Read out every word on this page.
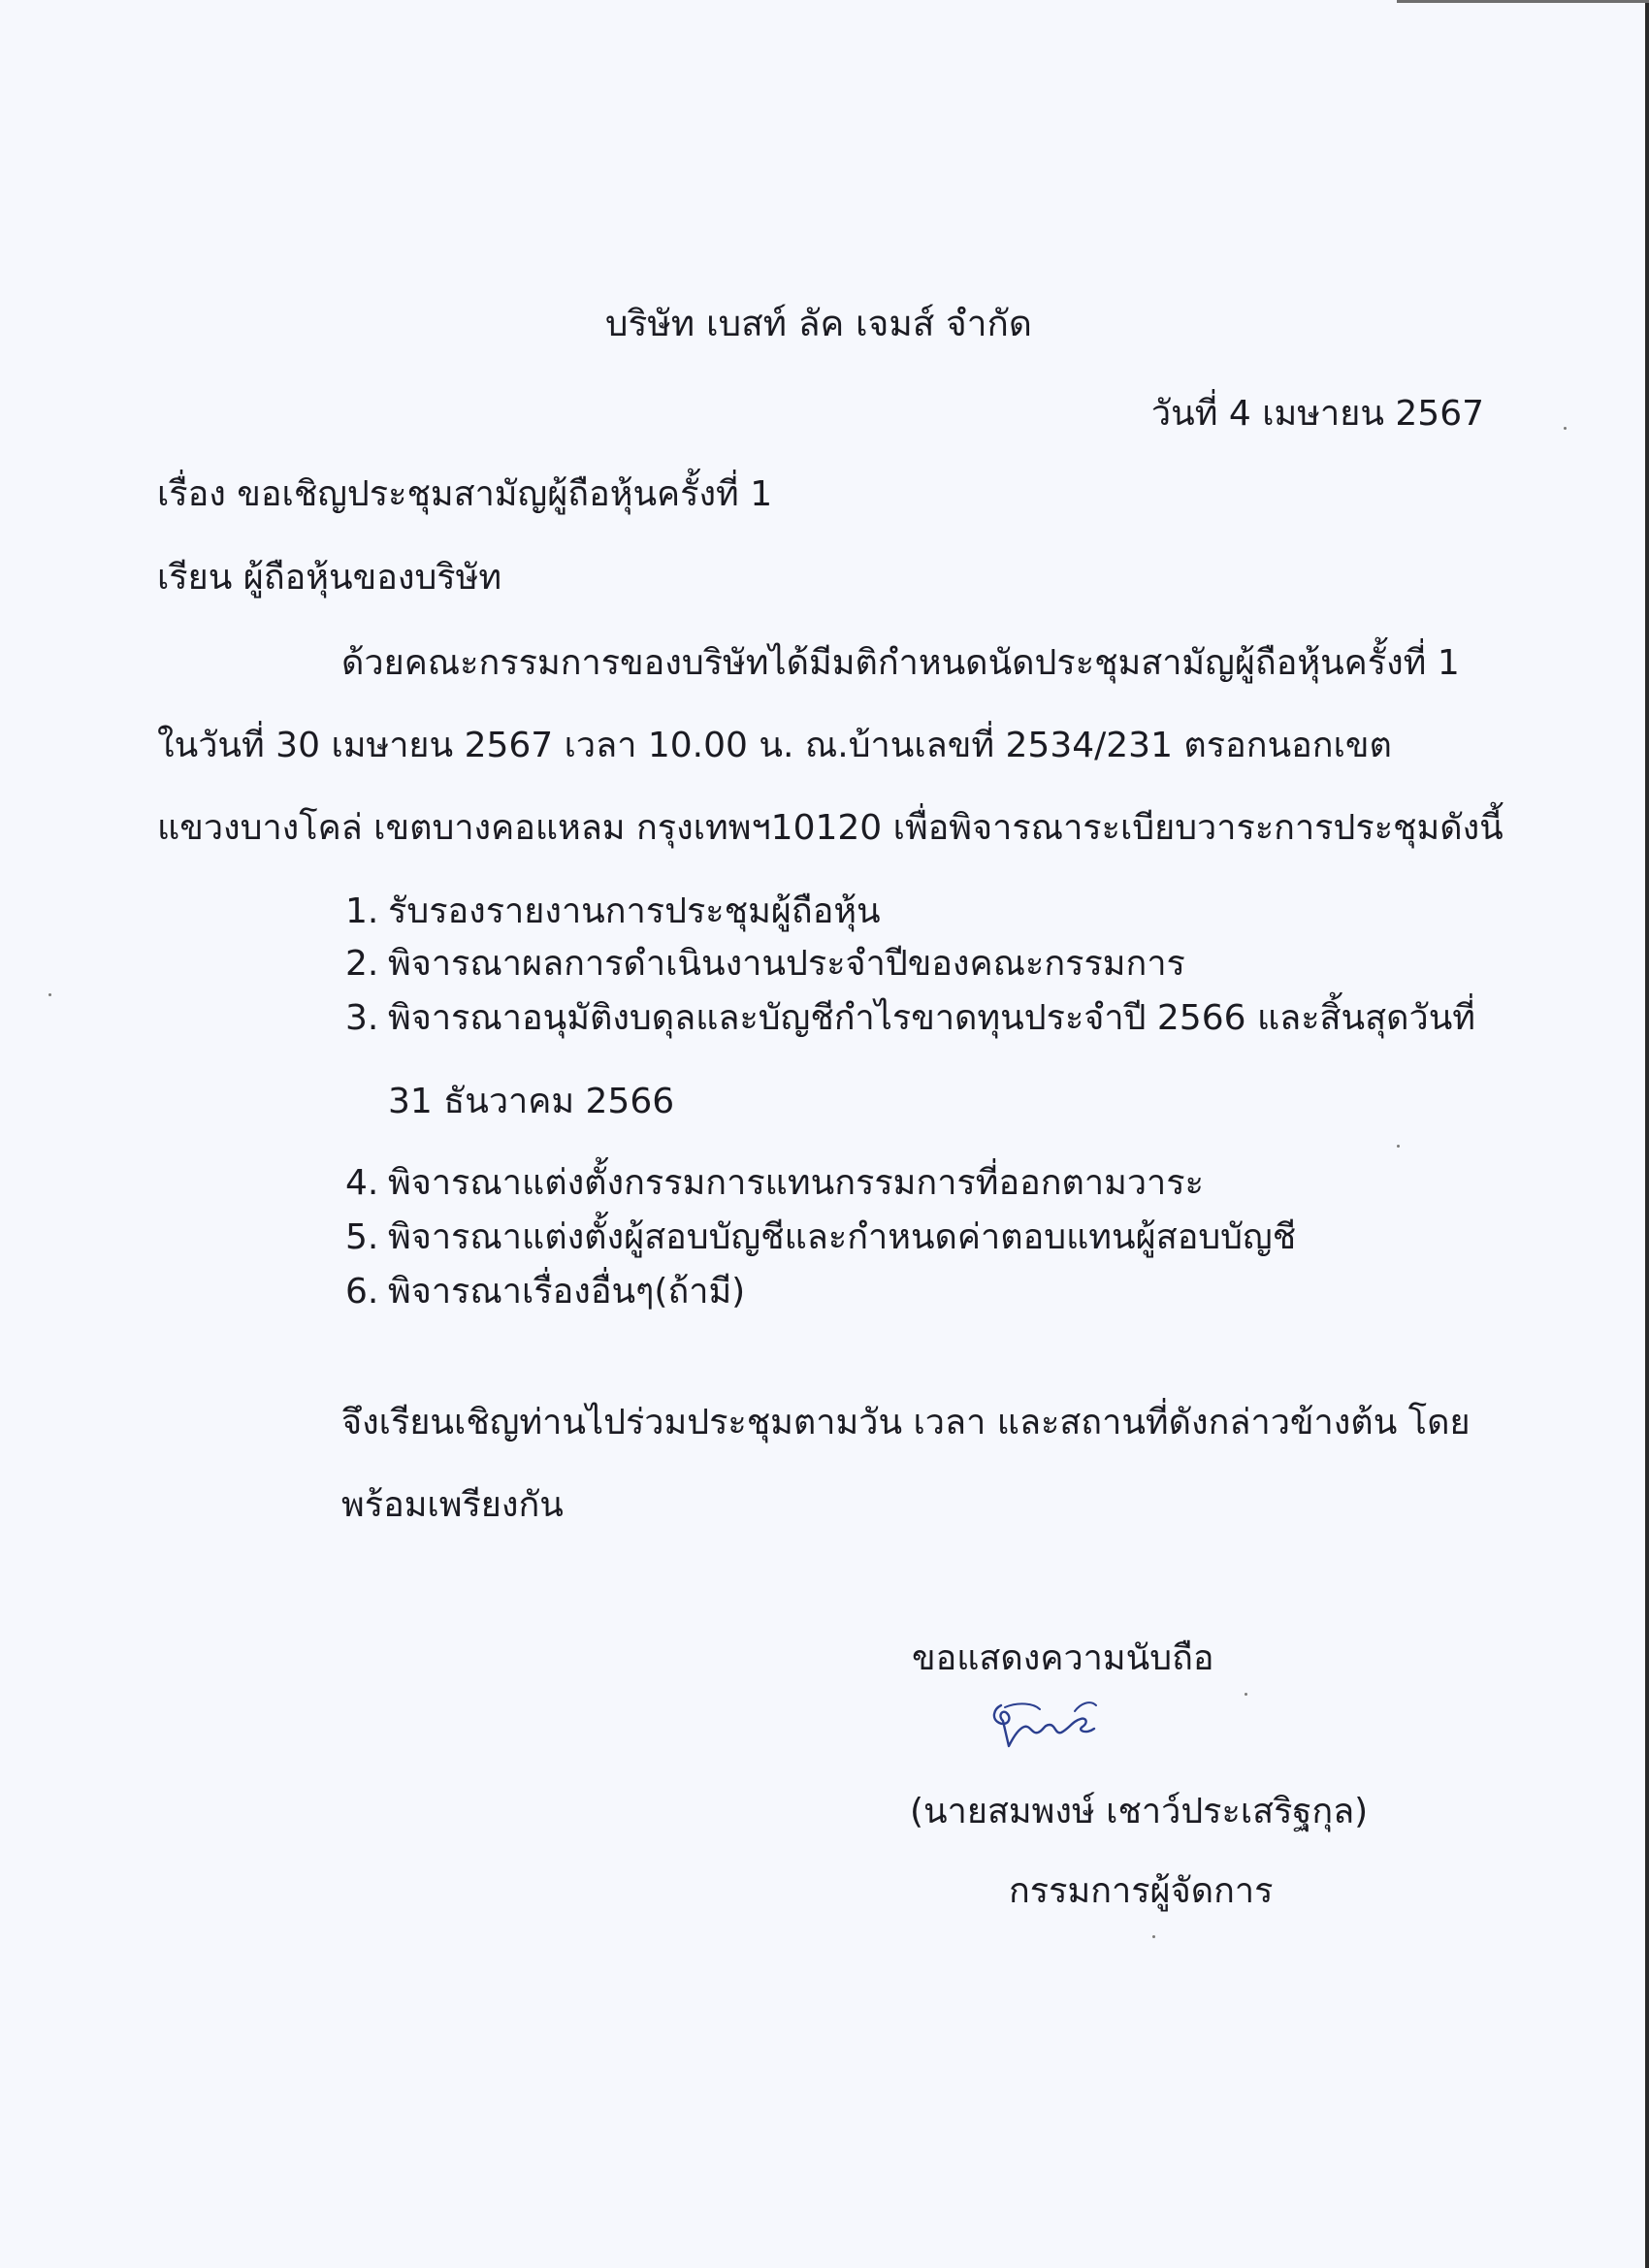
บริษัท เบสท์ ลัค เจมส์ จำกัด

วันที่ 4 เมษายน 2567

เรื่อง ขอเชิญประชุมสามัญผู้ถือหุ้นครั้งที่ 1

เรียน ผู้ถือหุ้นของบริษัท

ด้วยคณะกรรมการของบริษัทได้มีมติกำหนดนัดประชุมสามัญผู้ถือหุ้นครั้งที่ 1

ในวันที่ 30 เมษายน 2567 เวลา 10.00 น. ณ.บ้านเลขที่ 2534/231 ตรอกนอกเขต

แขวงบางโคล่ เขตบางคอแหลม กรุงเทพฯ10120 เพื่อพิจารณาระเบียบวาระการประชุมดังนี้

1. รับรองรายงานการประชุมผู้ถือหุ้น
2. พิจารณาผลการดำเนินงานประจำปีของคณะกรรมการ
3. พิจารณาอนุมัติงบดุลและบัญชีกำไรขาดทุนประจำปี 2566 และสิ้นสุดวันที่
31 ธันวาคม 2566
4. พิจารณาแต่งตั้งกรรมการแทนกรรมการที่ออกตามวาระ
5. พิจารณาแต่งตั้งผู้สอบบัญชีและกำหนดค่าตอบแทนผู้สอบบัญชี
6. พิจารณาเรื่องอื่นๆ(ถ้ามี)

จึงเรียนเชิญท่านไปร่วมประชุมตามวัน เวลา และสถานที่ดังกล่าวข้างต้น โดย

พร้อมเพรียงกัน

ขอแสดงความนับถือ

(นายสมพงษ์ เชาว์ประเสริฐกุล)

กรรมการผู้จัดการ
